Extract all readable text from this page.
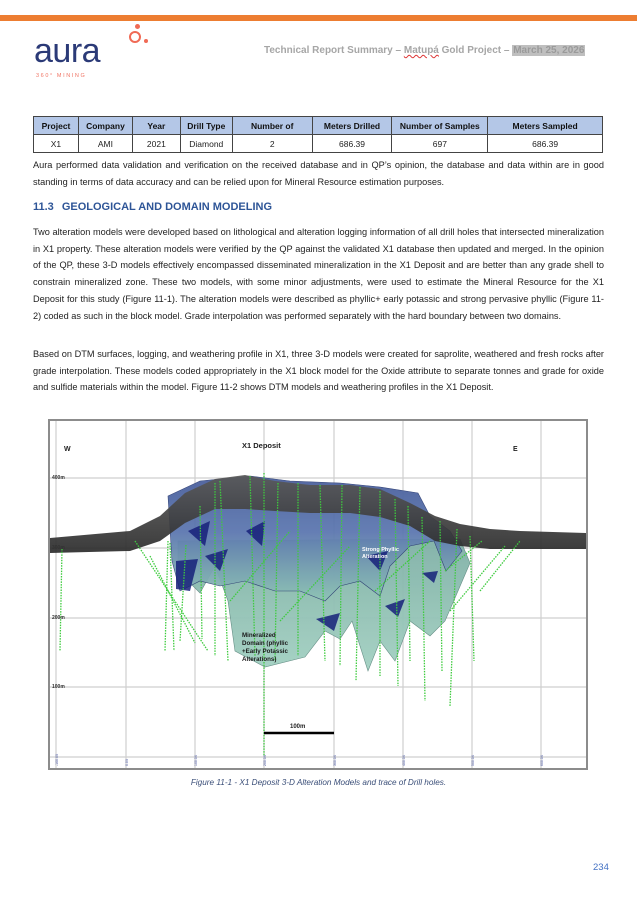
aura
360° MINING
Technical Report Summary – Matupá Gold Project – March 25, 2026
Project	Company	Year	Drill Type	Number of	Meters Drilled	Number of Samples	Meters Sampled
X1	AMI	2021	Diamond	2	686.39	697	686.39

Aura performed data validation and verification on the received database and in QP’s opinion, the database and data within are in good standing in terms of data accuracy and can be relied upon for Mineral Resource estimation purposes.

11.3 GEOLOGICAL AND DOMAIN MODELING

Two alteration models were developed based on lithological and alteration logging information of all drill holes that intersected mineralization in X1 property. These alteration models were verified by the QP against the validated X1 database then updated and merged. In the opinion of the QP, these 3-D models effectively encompassed disseminated mineralization in the X1 Deposit and are better than any grade shell to constrain mineralized zone. These two models, with some minor adjustments, were used to estimate the Mineral Resource for the X1 Deposit for this study (Figure 11-1). The alteration models were described as phyllic+ early potassic and strong pervasive phyllic (Figure 11-2) coded as such in the block model. Grade interpolation was performed separately with the hard boundary between two domains.

Based on DTM surfaces, logging, and weathering profile in X1, three 3-D models were created for saprolite, weathered and fresh rocks after grade interpolation. These models coded appropriately in the X1 block model for the Oxide attribute to separate tonnes and grade for oxide and sulfide materials within the model. Figure 11-2 shows DTM models and weathering profiles in the X1 Deposit.

100m
W	E
X1 Deposit
400m
300m
200m
100m
-100.0X	0.0X	100.0X	200.0X	300.0X	400.0X	500.0X	600.0X
Strong Phyllic
Alteration
Mineralized
Domain (phyllic
+Early Potassic
Alterations)
Figure 11-1 - X1 Deposit 3-D Alteration Models and trace of Drill holes.
234
